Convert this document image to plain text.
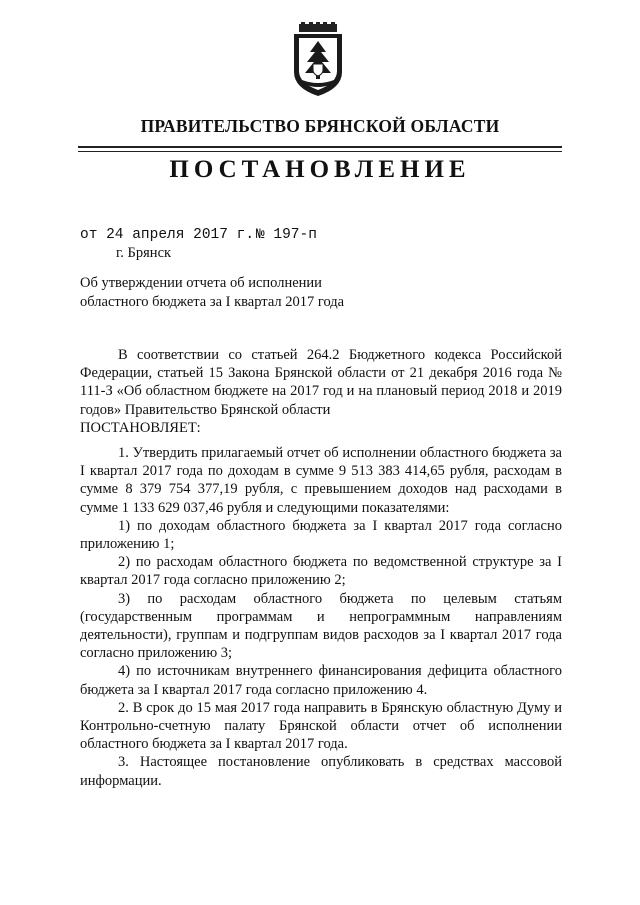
ПРАВИТЕЛЬСТВО БРЯНСКОЙ ОБЛАСТИ
ПОСТАНОВЛЕНИЕ
от 24 апреля 2017 г. № 197-п
г. Брянск
Об утверждении отчета об исполнении
областного бюджета за I квартал 2017 года
В соответствии со статьей 264.2 Бюджетного кодекса Российской Федерации, статьей 15 Закона Брянской области от 21 декабря 2016 года № 111-З «Об областном бюджете на 2017 год и на плановый период 2018 и 2019 годов» Правительство Брянской области
ПОСТАНОВЛЯЕТ:
1. Утвердить прилагаемый отчет об исполнении областного бюджета за I квартал 2017 года по доходам в сумме 9 513 383 414,65 рубля, расходам в сумме 8 379 754 377,19 рубля, с превышением доходов над расходами в сумме 1 133 629 037,46 рубля и следующими показателями:
1) по доходам областного бюджета за I квартал 2017 года согласно приложению 1;
2) по расходам областного бюджета по ведомственной структуре за I квартал 2017 года согласно приложению 2;
3) по расходам областного бюджета по целевым статьям (государственным программам и непрограммным направлениям деятельности), группам и подгруппам видов расходов за I квартал 2017 года согласно приложению 3;
4) по источникам внутреннего финансирования дефицита областного бюджета за I квартал 2017 года согласно приложению 4.
2. В срок до 15 мая 2017 года направить в Брянскую областную Думу и Контрольно-счетную палату Брянской области отчет об исполнении областного бюджета за I квартал 2017 года.
3. Настоящее постановление опубликовать в средствах массовой информации.
